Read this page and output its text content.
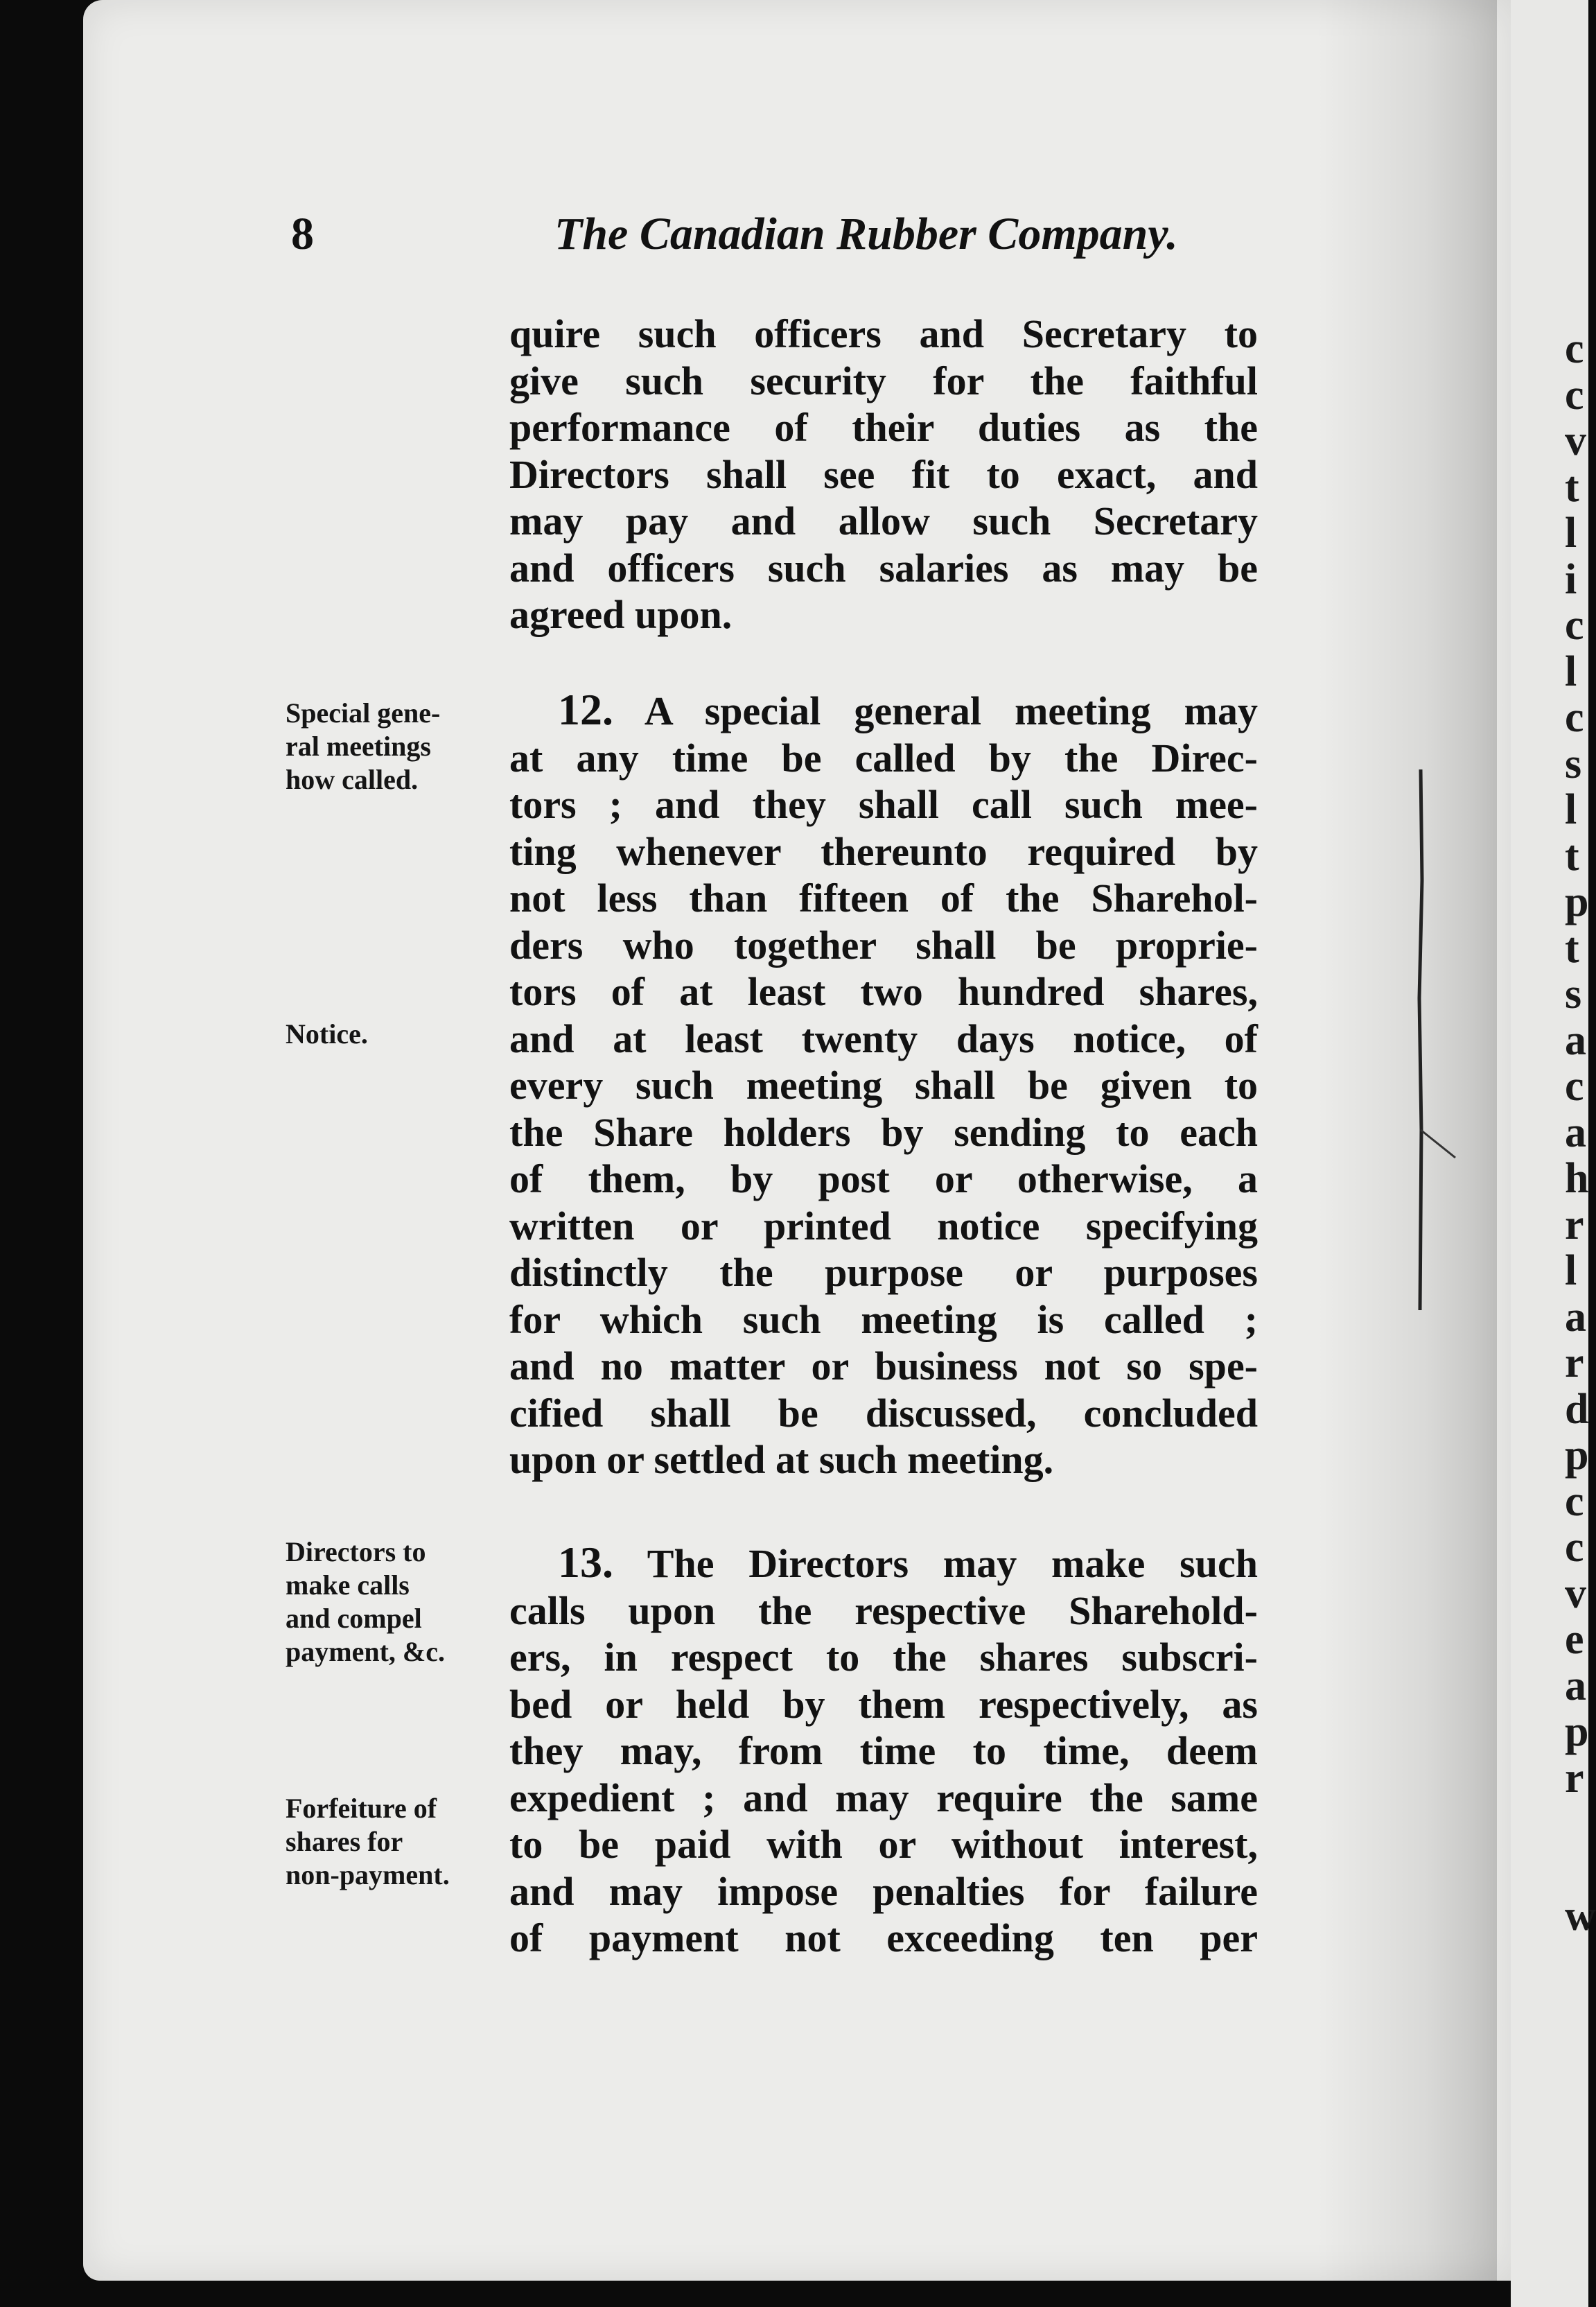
c
c
v
t
l
i
c
l
c
s
l
t
p
t
s
a
c
a
h
r
l
a
r
d
p
c
c
v
e
a
p
r

w
8	The Canadian Rubber Company.
quire such officers and Secretary to
give such security for the faithful
performance of their duties as the
Directors shall see fit to exact, and
may pay and allow such Secretary
and officers such salaries as may be
agreed upon.
12. A special general meeting may
at any time be called by the Direc-
tors ; and they shall call such mee-
ting whenever thereunto required by
not less than fifteen of the Sharehol-
ders who together shall be proprie-
tors of at least two hundred shares,
and at least twenty days notice, of
every such meeting shall be given to
the Share holders by sending to each
of them, by post or otherwise, a
written or printed notice specifying
distinctly the purpose or purposes
for which such meeting is called ;
and no matter or business not so spe-
cified shall be discussed, concluded
upon or settled at such meeting.
13. The Directors may make such
calls upon the respective Sharehold-
ers, in respect to the shares subscri-
bed or held by them respectively, as
they may, from time to time, deem
expedient ; and may require the same
to be paid with or without interest,
and may impose penalties for failure
of payment not exceeding ten per
Special gene-
ral meetings
how called.
Notice.
Directors to
make calls
and compel
payment, &c.
Forfeiture of
shares for
non-payment.
